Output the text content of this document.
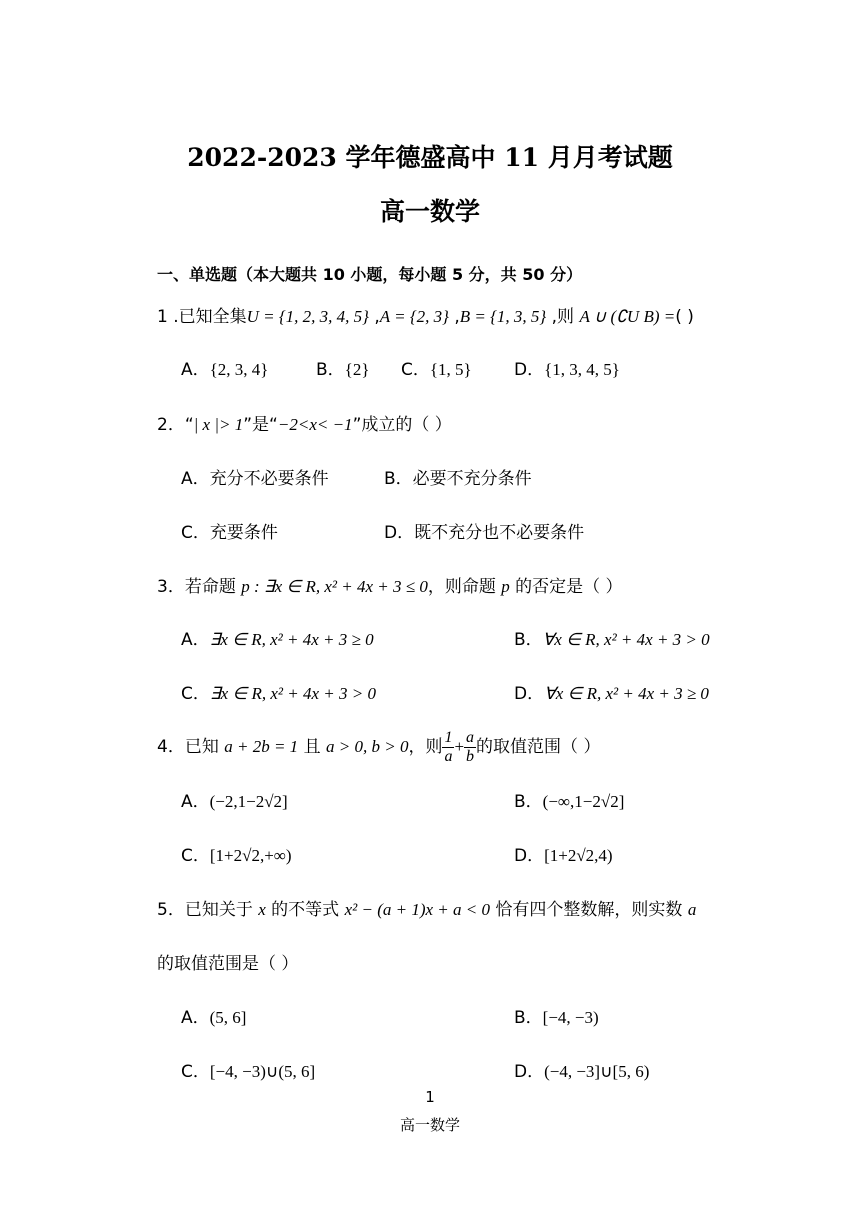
2022-2023 学年德盛高中 11 月月考试题
高一数学
一、单选题（本大题共 10 小题，每小题 5 分，共 50 分）
1 .已知全集U = {1, 2, 3, 4, 5} ,A = {2, 3} ,B = {1, 3, 5} ,则 A ∪ (∁U B) =( )
A．{2, 3, 4}	B．{2} C．{1, 5} D．{1, 3, 4, 5}
2．“| x |> 1”是“−2<x< −1”成立的（ ）
A．充分不必要条件	B．必要不充分条件
C．充要条件	D．既不充分也不必要条件
3．若命题 p : ∃x ∈ R, x² + 4x + 3 ≤ 0，则命题 p 的否定是（ ）
A．∃x ∈ R, x² + 4x + 3 ≥ 0	B．∀x ∈ R, x² + 4x + 3 > 0
C．∃x ∈ R, x² + 4x + 3 > 0	D．∀x ∈ R, x² + 4x + 3 ≥ 0
4．已知 a + 2b = 1 且 a > 0, b > 0，则 $\frac{1}{a} + \frac{a}{b}$ 的取值范围（ ）
A．(−2,1−2√2]	B．(−∞,1−2√2]
C．[1+2√2,+∞)	D．[1+2√2,4)
5．已知关于 x 的不等式 x² − (a + 1)x + a < 0 恰有四个整数解，则实数 a
的取值范围是（ ）
A．(5, 6]	B．[−4, −3)
C．[−4, −3)∪(5, 6]	D．(−4, −3]∪[5, 6)
1
高一数学
